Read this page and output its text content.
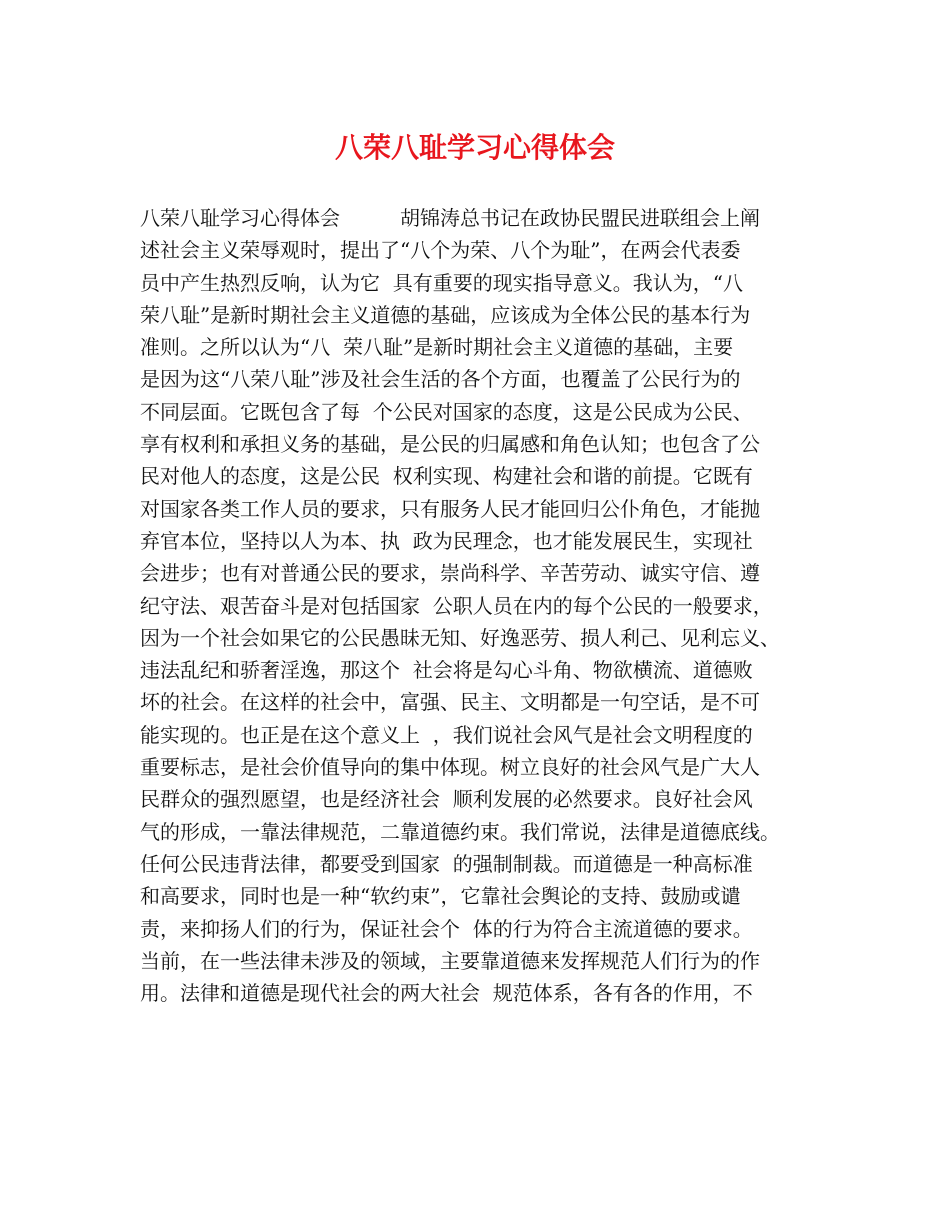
八荣八耻学习心得体会
八荣八耻学习心得体会　　　胡锦涛总书记在政协民盟民进联组会上阐
述社会主义荣辱观时，提出了“八个为荣、八个为耻”，在两会代表委
员中产生热烈反响，认为它  具有重要的现实指导意义。我认为，“八
荣八耻”是新时期社会主义道德的基础，应该成为全体公民的基本行为
准则。之所以认为“八  荣八耻”是新时期社会主义道德的基础，主要
是因为这“八荣八耻”涉及社会生活的各个方面，也覆盖了公民行为的
不同层面。它既包含了每  个公民对国家的态度，这是公民成为公民、
享有权利和承担义务的基础，是公民的归属感和角色认知；也包含了公
民对他人的态度，这是公民  权利实现、构建社会和谐的前提。它既有
对国家各类工作人员的要求，只有服务人民才能回归公仆角色，才能抛
弃官本位，坚持以人为本、执  政为民理念，也才能发展民生，实现社
会进步；也有对普通公民的要求，崇尚科学、辛苦劳动、诚实守信、遵
纪守法、艰苦奋斗是对包括国家  公职人员在内的每个公民的一般要求，
因为一个社会如果它的公民愚昧无知、好逸恶劳、损人利己、见利忘义、
违法乱纪和骄奢淫逸，那这个  社会将是勾心斗角、物欲横流、道德败
坏的社会。在这样的社会中，富强、民主、文明都是一句空话，是不可
能实现的。也正是在这个意义上  ，我们说社会风气是社会文明程度的
重要标志，是社会价值导向的集中体现。树立良好的社会风气是广大人
民群众的强烈愿望，也是经济社会  顺利发展的必然要求。良好社会风
气的形成，一靠法律规范，二靠道德约束。我们常说，法律是道德底线。
任何公民违背法律，都要受到国家  的强制制裁。而道德是一种高标准
和高要求，同时也是一种“软约束”，它靠社会舆论的支持、鼓励或谴
责，来抑扬人们的行为，保证社会个  体的行为符合主流道德的要求。
当前，在一些法律未涉及的领域，主要靠道德来发挥规范人们行为的作
用。法律和道德是现代社会的两大社会  规范体系，各有各的作用，不
